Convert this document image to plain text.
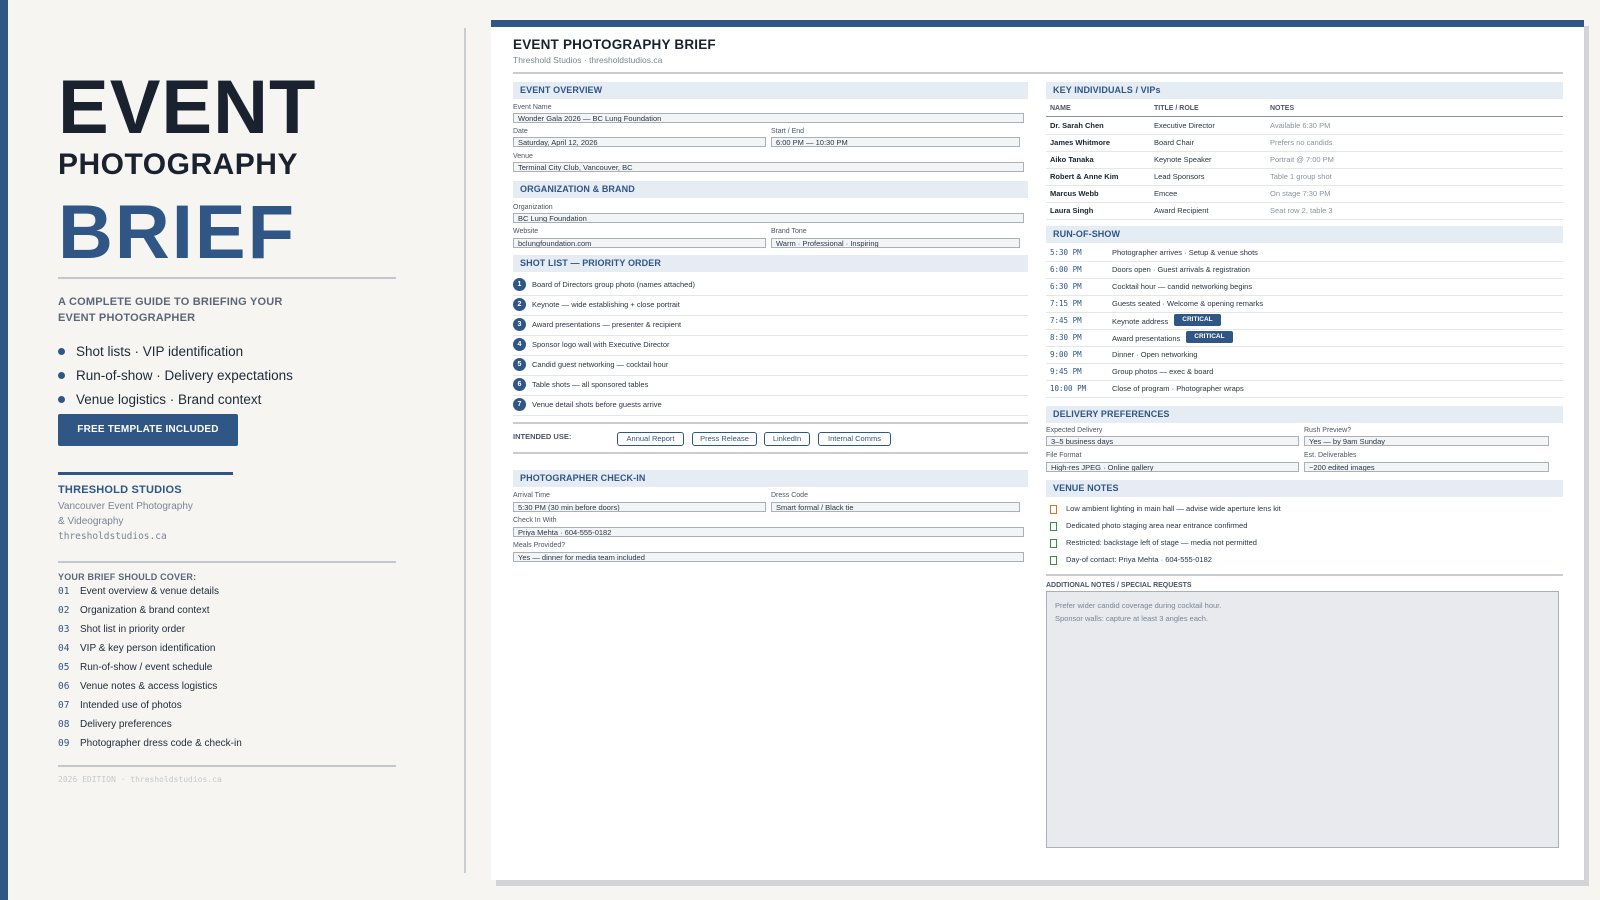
EVENT
PHOTOGRAPHY
BRIEF
A COMPLETE GUIDE TO BRIEFING YOUR EVENT PHOTOGRAPHER
Shot lists · VIP identification
Run-of-show · Delivery expectations
Venue logistics · Brand context
FREE TEMPLATE INCLUDED
THRESHOLD STUDIOS
Vancouver Event Photography
& Videography
thresholdstudios.ca
YOUR BRIEF SHOULD COVER:
01 Event overview & venue details
02 Organization & brand context
03 Shot list in priority order
04 VIP & key person identification
05 Run-of-show / event schedule
06 Venue notes & access logistics
07 Intended use of photos
08 Delivery preferences
09 Photographer dress code & check-in
2026 EDITION · thresholdstudios.ca
EVENT PHOTOGRAPHY BRIEF
Threshold Studios · thresholdstudios.ca
EVENT OVERVIEW
Event Name
Wonder Gala 2026 — BC Lung Foundation
Date
Saturday, April 12, 2026
Start / End
6:00 PM — 10:30 PM
Venue
Terminal City Club, Vancouver, BC
ORGANIZATION & BRAND
Organization
BC Lung Foundation
Website
bclungfoundation.com
Brand Tone
Warm · Professional · Inspiring
SHOT LIST — PRIORITY ORDER
1	Board of Directors group photo (names attached)
2	Keynote — wide establishing + close portrait
3	Award presentations — presenter & recipient
4	Sponsor logo wall with Executive Director
5	Candid guest networking — cocktail hour
6	Table shots — all sponsored tables
7	Venue detail shots before guests arrive
INTENDED USE:	Annual Report	Press Release	LinkedIn	Internal Comms
PHOTOGRAPHER CHECK-IN
Arrival Time
5:30 PM (30 min before doors)
Dress Code
Smart formal / Black tie
Check In With
Priya Mehta · 604-555-0182
Meals Provided?
Yes — dinner for media team included
KEY INDIVIDUALS / VIPs
NAME	TITLE / ROLE	NOTES
Dr. Sarah Chen	Executive Director	Available 6:30 PM
James Whitmore	Board Chair	Prefers no candids
Aiko Tanaka	Keynote Speaker	Portrait @ 7:00 PM
Robert & Anne Kim	Lead Sponsors	Table 1 group shot
Marcus Webb	Emcee	On stage 7:30 PM
Laura Singh	Award Recipient	Seat row 2, table 3
RUN-OF-SHOW
5:30 PM	Photographer arrives · Setup & venue shots
6:00 PM	Doors open · Guest arrivals & registration
6:30 PM	Cocktail hour — candid networking begins
7:15 PM	Guests seated · Welcome & opening remarks
7:45 PM	Keynote address CRITICAL
8:30 PM	Award presentations CRITICAL
9:00 PM	Dinner · Open networking
9:45 PM	Group photos — exec & board
10:00 PM	Close of program · Photographer wraps
DELIVERY PREFERENCES
Expected Delivery
3–5 business days
Rush Preview?
Yes — by 9am Sunday
File Format
High-res JPEG · Online gallery
Est. Deliverables
~200 edited images
VENUE NOTES
Low ambient lighting in main hall — advise wide aperture lens kit
Dedicated photo staging area near entrance confirmed
Restricted: backstage left of stage — media not permitted
Day-of contact: Priya Mehta · 604-555-0182
ADDITIONAL NOTES / SPECIAL REQUESTS
Prefer wider candid coverage during cocktail hour.
Sponsor walls: capture at least 3 angles each.
